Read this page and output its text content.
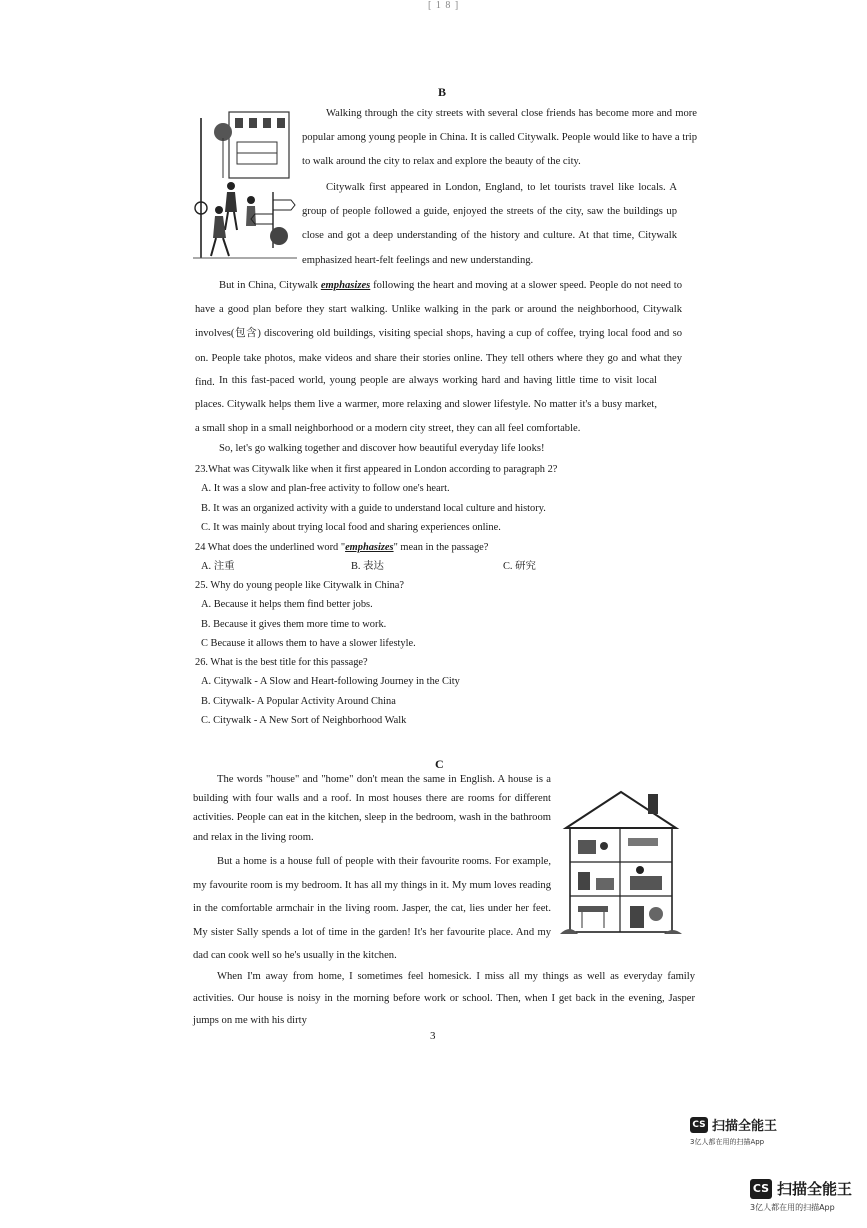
[ 1 8 ]
B

Walking through the city streets with several close friends has become more and more popular among young people in China. It is called Citywalk. People would like to have a trip to walk around the city to relax and explore the beauty of the city.

Citywalk first appeared in London, England, to let tourists travel like locals. A group of people followed a guide, enjoyed the streets of the city, saw the buildings up close and got a deep understanding of the history and culture. At that time, Citywalk emphasized heart-felt feelings and new understanding.

But in China, Citywalk emphasizes following the heart and moving at a slower speed. People do not need to have a good plan before they start walking. Unlike walking in the park or around the neighborhood, Citywalk involves(包含) discovering old buildings, visiting special shops, having a cup of coffee, trying local food and so on. People take photos, make videos and share their stories online. They tell others where they go and what they find. In this fast-paced world, young people are always working hard and having little time to visit local places. Citywalk helps them live a warmer, more relaxing and slower lifestyle. No matter it's a busy market, a small shop in a small neighborhood or a modern city street, they can all feel comfortable.

So, let's go walking together and discover how beautiful everyday life looks!

23.What was Citywalk like when it first appeared in London according to paragraph 2?
A. It was a slow and plan-free activity to follow one's heart.
B. It was an organized activity with a guide to understand local culture and history.
C. It was mainly about trying local food and sharing experiences online.
24 What does the underlined word "emphasizes" mean in the passage?
A. 注重	B. 表达	C. 研究
25. Why do young people like Citywalk in China?
A. Because it helps them find better jobs.
B. Because it gives them more time to work.
C Because it allows them to have a slower lifestyle.
26. What is the best title for this passage?
A. Citywalk - A Slow and Heart-following Journey in the City
B. Citywalk- A Popular Activity Around China
C. Citywalk - A New Sort of Neighborhood Walk
C

The words "house" and "home" don't mean the same in English. A house is a building with four walls and a roof. In most houses there are rooms for different activities. People can eat in the kitchen, sleep in the bedroom, wash in the bathroom and relax in the living room.

But a home is a house full of people with their favourite rooms. For example, my favourite room is my bedroom. It has all my things in it. My mum loves reading in the comfortable armchair in the living room. Jasper, the cat, lies under her feet. My sister Sally spends a lot of time in the garden! It's her favourite place. And my dad can cook well so he's usually in the kitchen.

When I'm away from home, I sometimes feel homesick. I miss all my things as well as everyday family activities. Our house is noisy in the morning before work or school. Then, when I get back in the evening, Jasper jumps on me with his dirty

3
CS 扫描全能王
3亿人都在用的扫描App
CS 扫描全能王
3亿人都在用的扫描App
